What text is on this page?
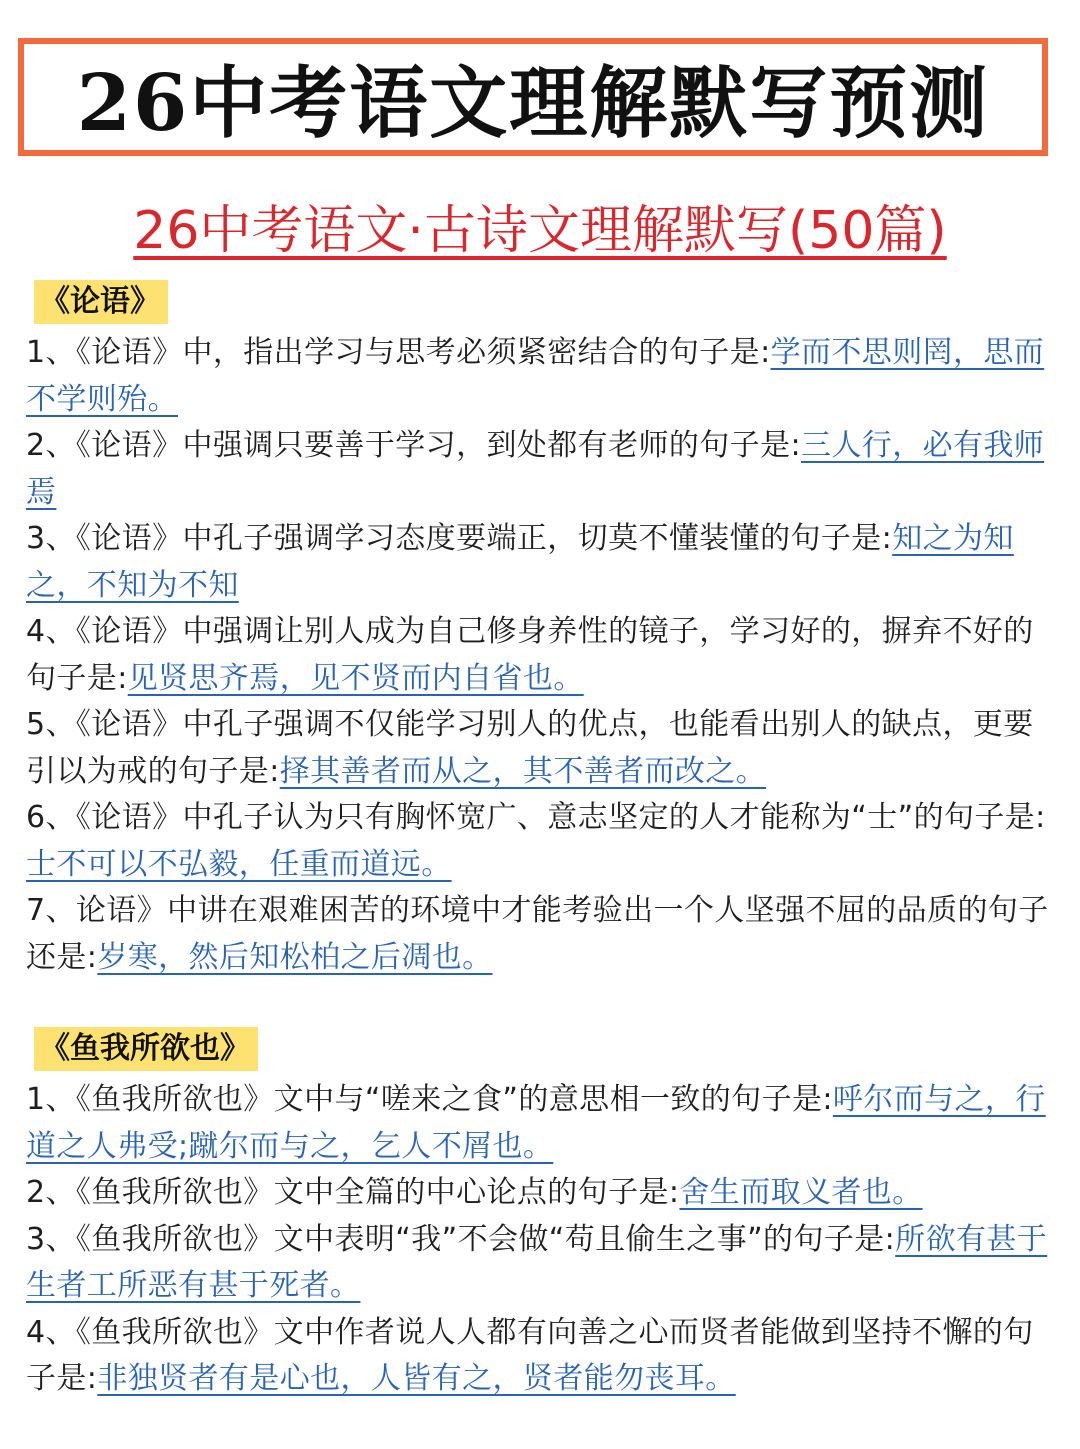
26中考语文理解默写预测
26中考语文·古诗文理解默写(50篇)
《论语》
1、《论语》中，指出学习与思考必须紧密结合的句子是:学而不思则罔，思而不学则殆。
2、《论语》中强调只要善于学习，到处都有老师的句子是:三人行，必有我师焉
3、《论语》中孔子强调学习态度要端正，切莫不懂装懂的句子是:知之为知之，不知为不知
4、《论语》中强调让别人成为自己修身养性的镜子，学习好的，摒弃不好的句子是:见贤思齐焉，见不贤而内自省也。
5、《论语》中孔子强调不仅能学习别人的优点，也能看出别人的缺点，更要引以为戒的句子是:择其善者而从之，其不善者而改之。
6、《论语》中孔子认为只有胸怀宽广、意志坚定的人才能称为“士”的句子是:士不可以不弘毅，任重而道远。
7、论语》中讲在艰难困苦的环境中才能考验出一个人坚强不屈的品质的句子还是:岁寒，然后知松柏之后凋也。
《鱼我所欲也》
1、《鱼我所欲也》文中与“嗟来之食”的意思相一致的句子是:呼尔而与之，行道之人弗受;蹴尔而与之，乞人不屑也。
2、《鱼我所欲也》文中全篇的中心论点的句子是:舍生而取义者也。
3、《鱼我所欲也》文中表明“我”不会做“苟且偷生之事”的句子是:所欲有甚于生者工所恶有甚于死者。
4、《鱼我所欲也》文中作者说人人都有向善之心而贤者能做到坚持不懈的句子是:非独贤者有是心也，人皆有之，贤者能勿丧耳。
